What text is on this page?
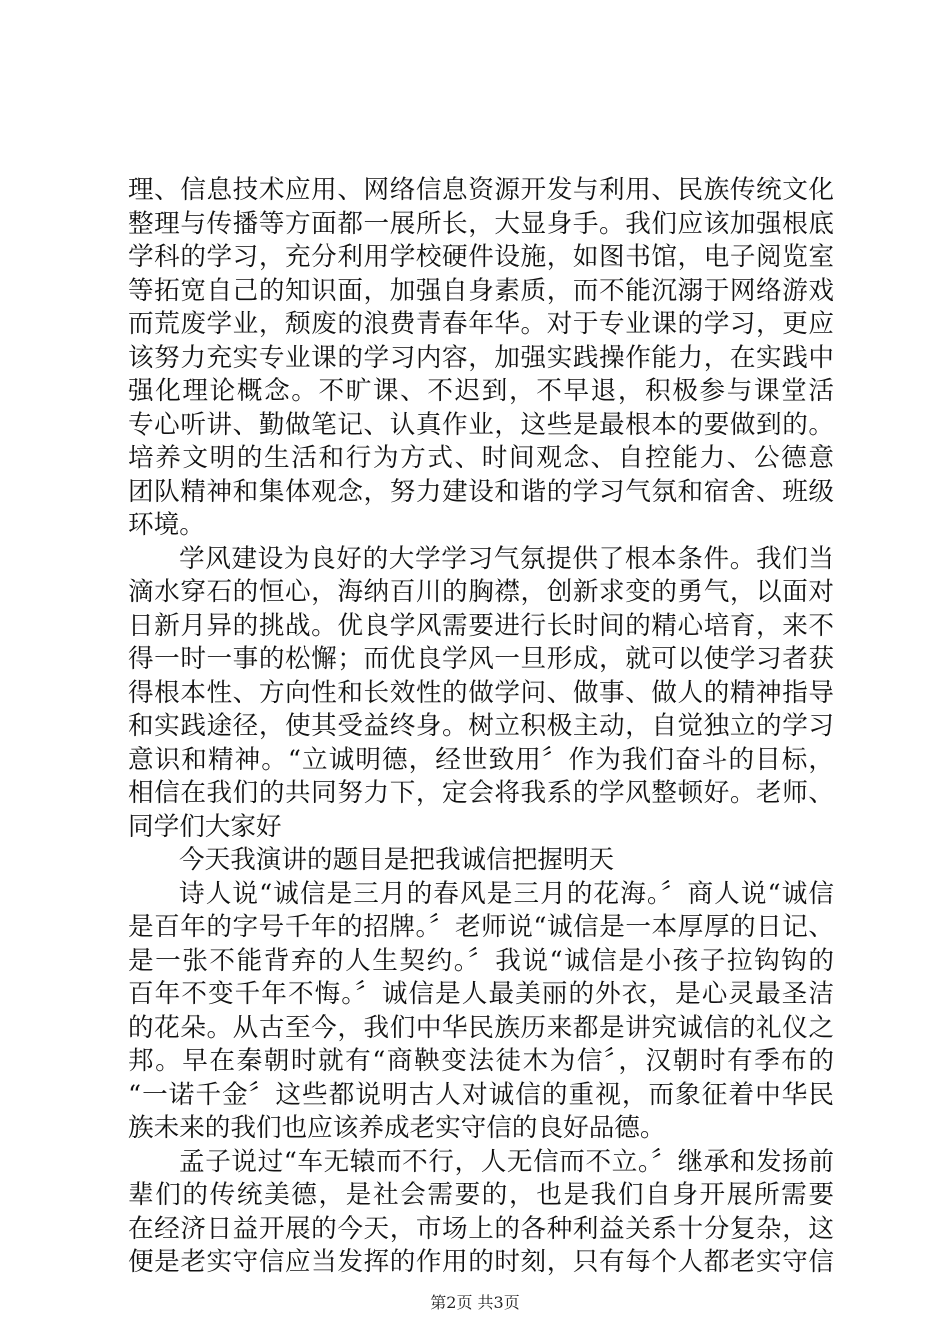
理、信息技术应用、网络信息资源开发与利用、民族传统文化
整理与传播等方面都一展所长，大显身手。我们应该加强根底
学科的学习，充分利用学校硬件设施，如图书馆，电子阅览室
等拓宽自己的知识面，加强自身素质，而不能沉溺于网络游戏
而荒废学业，颓废的浪费青春年华。对于专业课的学习，更应
该努力充实专业课的学习内容，加强实践操作能力，在实践中
强化理论概念。不旷课、不迟到，不早退，积极参与课堂活
专心听讲、勤做笔记、认真作业，这些是最根本的要做到的。
培养文明的生活和行为方式、时间观念、自控能力、公德意
团队精神和集体观念，努力建设和谐的学习气氛和宿舍、班级
环境。
学风建设为良好的大学学习气氛提供了根本条件。我们当
滴水穿石的恒心，海纳百川的胸襟，创新求变的勇气，以面对
日新月异的挑战。优良学风需要进行长时间的精心培育，来不
得一时一事的松懈；而优良学风一旦形成，就可以使学习者获
得根本性、方向性和长效性的做学问、做事、做人的精神指导
和实践途径，使其受益终身。树立积极主动，自觉独立的学习
意识和精神。“立诚明德，经世致用〞作为我们奋斗的目标，
相信在我们的共同努力下，定会将我系的学风整顿好。老师、
同学们大家好
今天我演讲的题目是把我诚信把握明天
诗人说“诚信是三月的春风是三月的花海。〞商人说“诚信
是百年的字号千年的招牌。〞老师说“诚信是一本厚厚的日记、
是一张不能背弃的人生契约。〞我说“诚信是小孩子拉钩钩的
百年不变千年不悔。〞诚信是人最美丽的外衣，是心灵最圣洁
的花朵。从古至今，我们中华民族历来都是讲究诚信的礼仪之
邦。早在秦朝时就有“商鞅变法徒木为信〞，汉朝时有季布的
“一诺千金〞这些都说明古人对诚信的重视，而象征着中华民
族未来的我们也应该养成老实守信的良好品德。
孟子说过“车无辕而不行，人无信而不立。〞继承和发扬前
辈们的传统美德，是社会需要的，也是我们自身开展所需要
在经济日益开展的今天，市场上的各种利益关系十分复杂，这
便是老实守信应当发挥的作用的时刻，只有每个人都老实守信
第2页 共3页
